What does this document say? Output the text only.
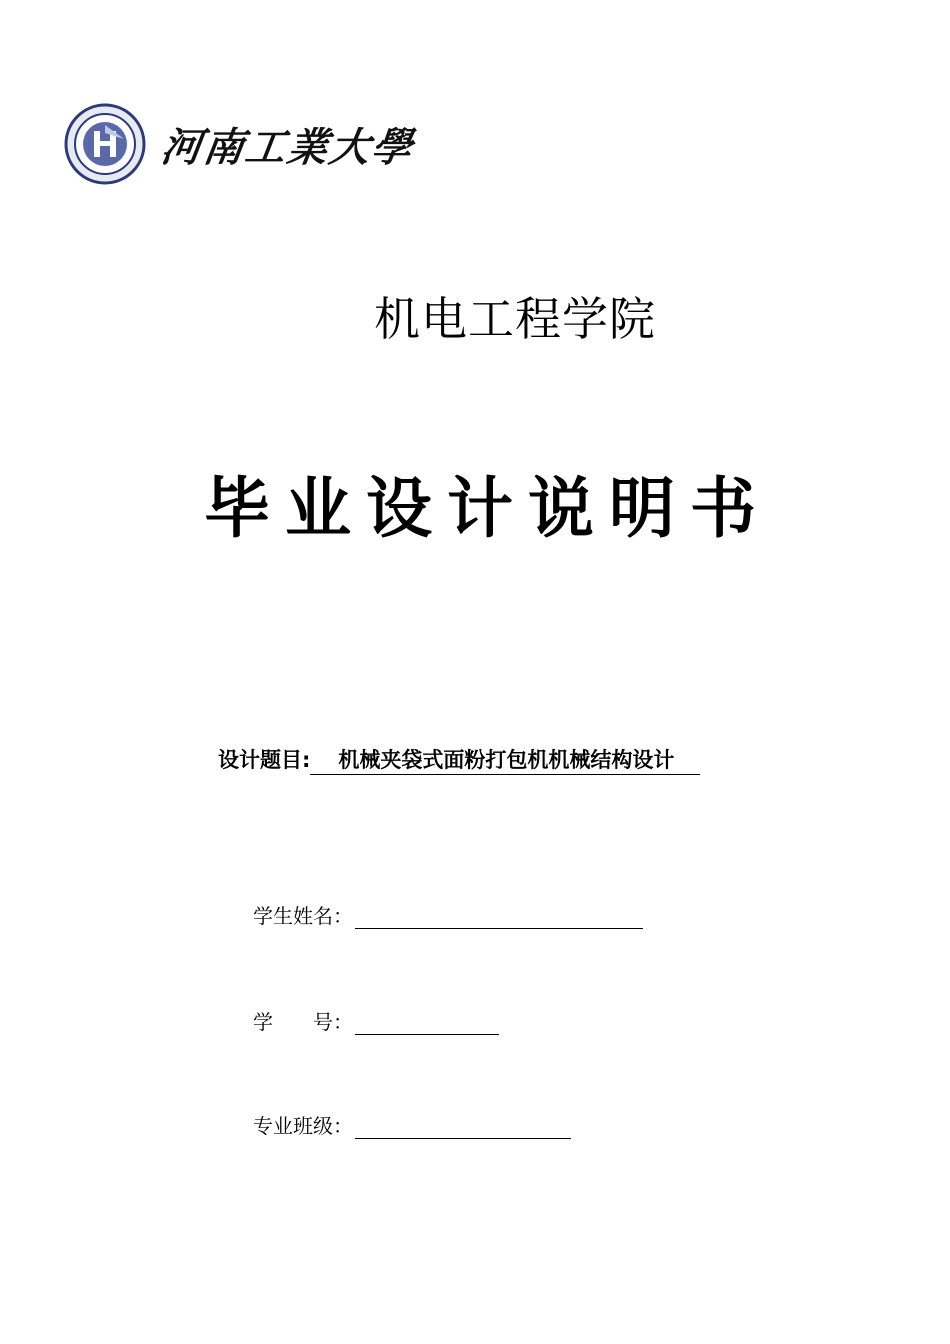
河南工業大學
机电工程学院
毕业设计说明书
设计题目: 机械夹袋式面粉打包机机械结构设计
学生姓名：
学　　号：
专业班级：
